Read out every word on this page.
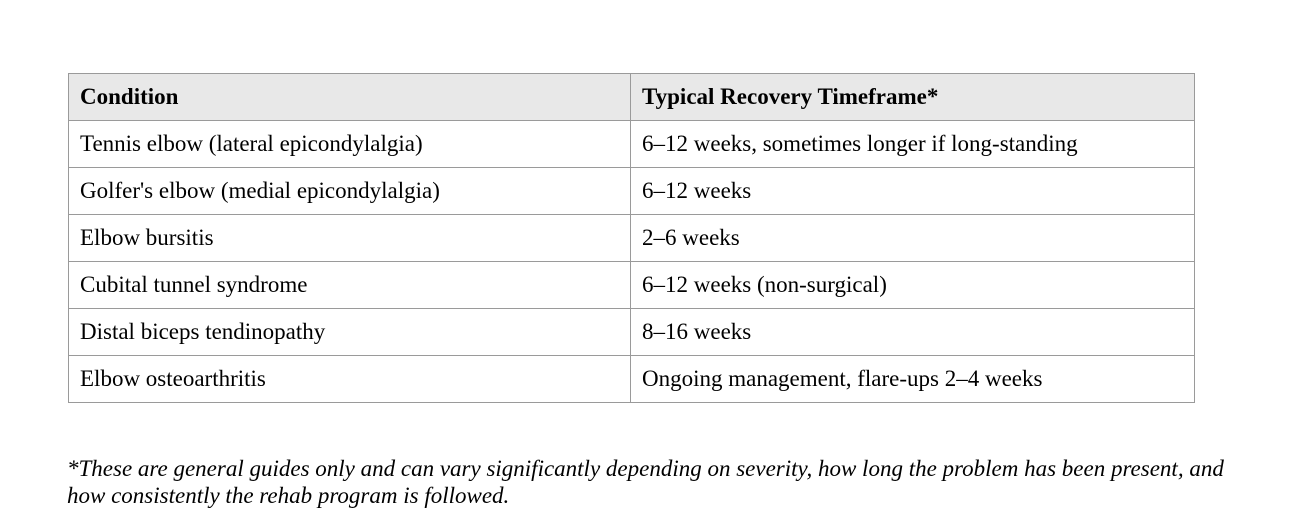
Condition	Typical Recovery Timeframe*
Tennis elbow (lateral epicondylalgia)	6–12 weeks, sometimes longer if long-standing
Golfer's elbow (medial epicondylalgia)	6–12 weeks
Elbow bursitis	2–6 weeks
Cubital tunnel syndrome	6–12 weeks (non-surgical)
Distal biceps tendinopathy	8–16 weeks
Elbow osteoarthritis	Ongoing management, flare-ups 2–4 weeks

*These are general guides only and can vary significantly depending on severity, how long the problem has been present, and how consistently the rehab program is followed.
